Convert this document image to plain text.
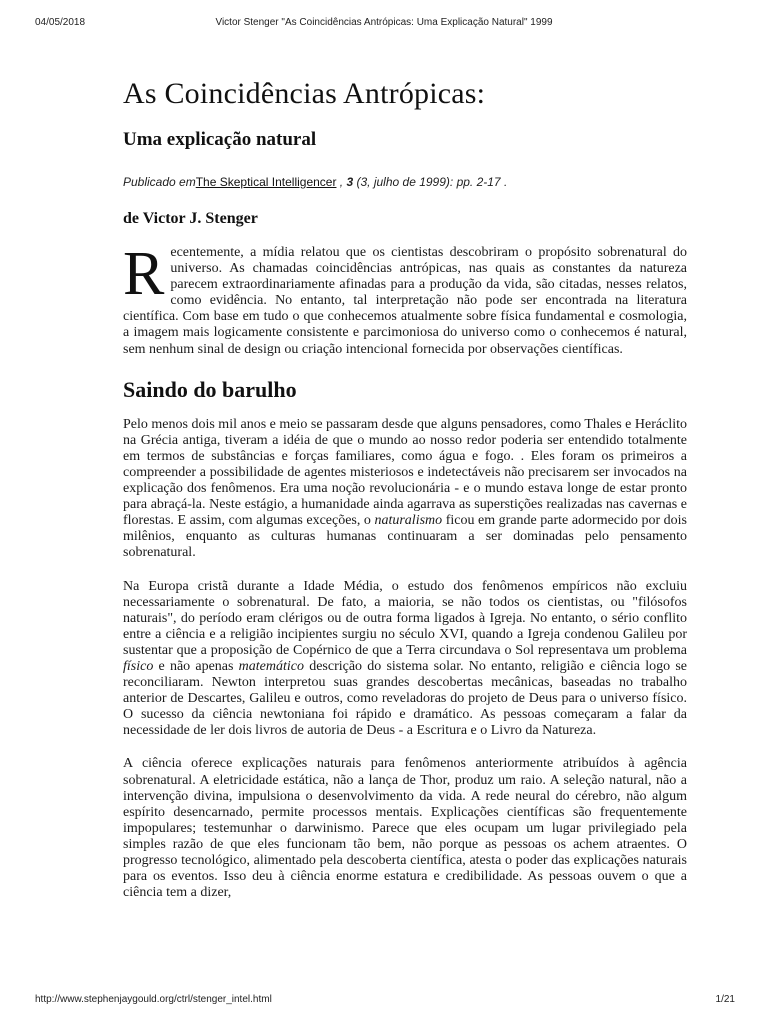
04/05/2018	Victor Stenger "As Coincidências Antrópicas: Uma Explicação Natural" 1999
As Coincidências Antrópicas:
Uma explicação natural
Publicado emThe Skeptical Intelligencer , 3 (3, julho de 1999): pp. 2-17 .
de Victor J. Stenger

Recentemente, a mídia relatou que os cientistas descobriram o propósito sobrenatural do universo. As chamadas coincidências antrópicas, nas quais as constantes da natureza parecem extraordinariamente afinadas para a produção da vida, são citadas, nesses relatos, como evidência. No entanto, tal interpretação não pode ser encontrada na literatura científica. Com base em tudo o que conhecemos atualmente sobre física fundamental e cosmologia, a imagem mais logicamente consistente e parcimoniosa do universo como o conhecemos é natural, sem nenhum sinal de design ou criação intencional fornecida por observações científicas.

Saindo do barulho

Pelo menos dois mil anos e meio se passaram desde que alguns pensadores, como Thales e Heráclito na Grécia antiga, tiveram a idéia de que o mundo ao nosso redor poderia ser entendido totalmente em termos de substâncias e forças familiares, como água e fogo. . Eles foram os primeiros a compreender a possibilidade de agentes misteriosos e indetectáveis não precisarem ser invocados na explicação dos fenômenos. Era uma noção revolucionária - e o mundo estava longe de estar pronto para abraçá-la. Neste estágio, a humanidade ainda agarrava as superstições realizadas nas cavernas e florestas. E assim, com algumas exceções, o naturalismo ficou em grande parte adormecido por dois milênios, enquanto as culturas humanas continuaram a ser dominadas pelo pensamento sobrenatural.

Na Europa cristã durante a Idade Média, o estudo dos fenômenos empíricos não excluiu necessariamente o sobrenatural. De fato, a maioria, se não todos os cientistas, ou "filósofos naturais", do período eram clérigos ou de outra forma ligados à Igreja. No entanto, o sério conflito entre a ciência e a religião incipientes surgiu no século XVI, quando a Igreja condenou Galileu por sustentar que a proposição de Copérnico de que a Terra circundava o Sol representava um problema físico e não apenas matemático descrição do sistema solar. No entanto, religião e ciência logo se reconciliaram. Newton interpretou suas grandes descobertas mecânicas, baseadas no trabalho anterior de Descartes, Galileu e outros, como reveladoras do projeto de Deus para o universo físico. O sucesso da ciência newtoniana foi rápido e dramático. As pessoas começaram a falar da necessidade de ler dois livros de autoria de Deus - a Escritura e o Livro da Natureza.

A ciência oferece explicações naturais para fenômenos anteriormente atribuídos à agência sobrenatural. A eletricidade estática, não a lança de Thor, produz um raio. A seleção natural, não a intervenção divina, impulsiona o desenvolvimento da vida. A rede neural do cérebro, não algum espírito desencarnado, permite processos mentais. Explicações científicas são frequentemente impopulares; testemunhar o darwinismo. Parece que eles ocupam um lugar privilegiado pela simples razão de que eles funcionam tão bem, não porque as pessoas os achem atraentes. O progresso tecnológico, alimentado pela descoberta científica, atesta o poder das explicações naturais para os eventos. Isso deu à ciência enorme estatura e credibilidade. As pessoas ouvem o que a ciência tem a dizer,

http://www.stephenjaygould.org/ctrl/stenger_intel.html	1/21
